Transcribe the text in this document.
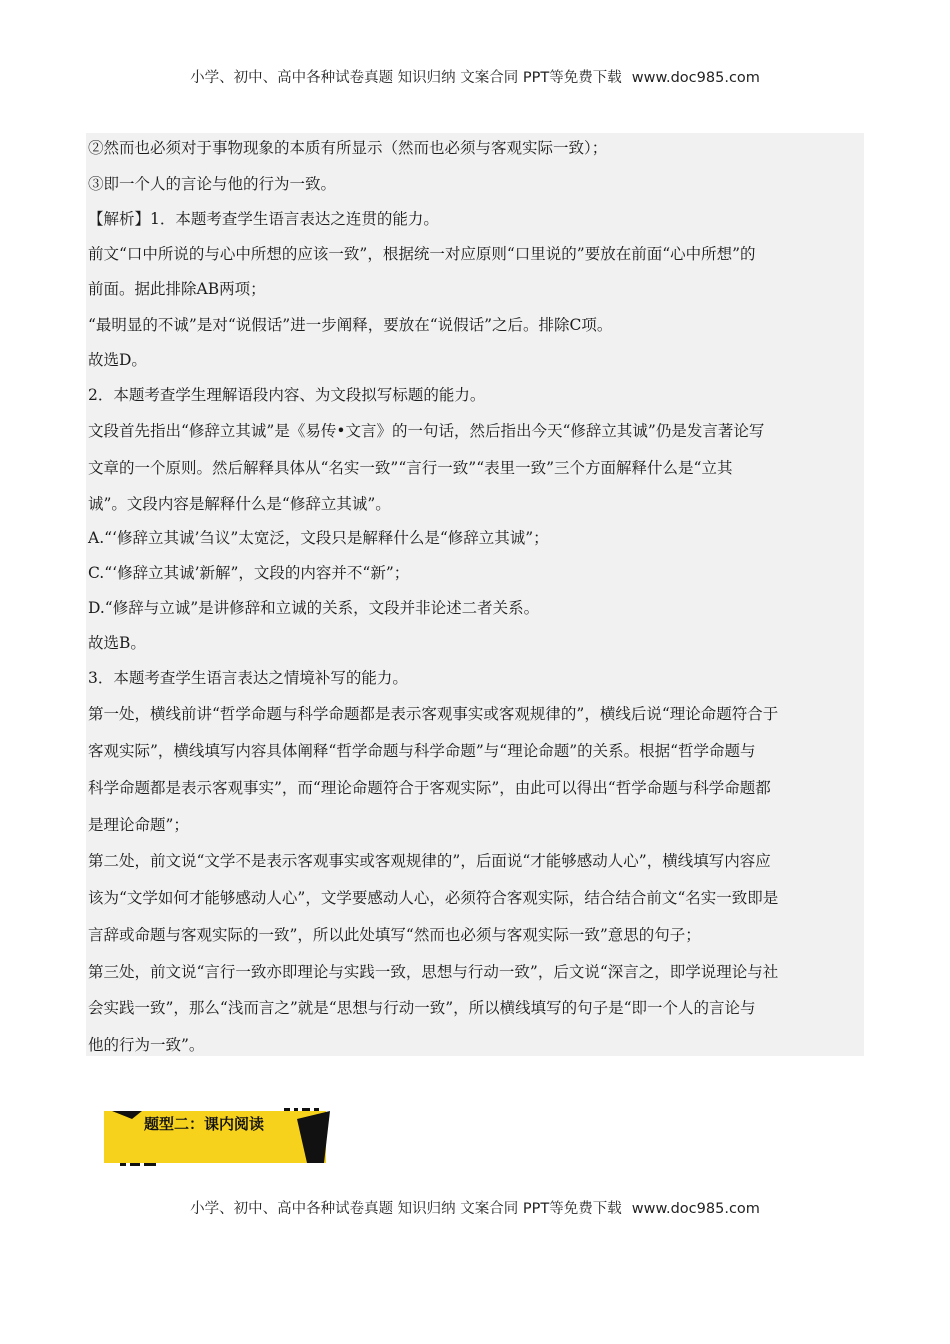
小学、初中、高中各种试卷真题 知识归纳 文案合同 PPT等免费下载 www.doc985.com
②然而也必须对于事物现象的本质有所显示（然而也必须与客观实际一致）；
③即一个人的言论与他的行为一致。
【解析】1．本题考查学生语言表达之连贯的能力。
前文“口中所说的与心中所想的应该一致”，根据统一对应原则“口里说的”要放在前面“心中所想”的
前面。据此排除AB两项；
“最明显的不诚”是对“说假话”进一步阐释，要放在“说假话”之后。排除C项。
故选D。
2．本题考查学生理解语段内容、为文段拟写标题的能力。
文段首先指出“修辞立其诚”是《易传•文言》的一句话，然后指出今天“修辞立其诚”仍是发言著论写
文章的一个原则。然后解释具体从“名实一致”“言行一致”“表里一致”三个方面解释什么是“立其
诚”。文段内容是解释什么是“修辞立其诚”。
A.“‘修辞立其诚’刍议”太宽泛，文段只是解释什么是“修辞立其诚”；
C.“‘修辞立其诚’新解”，文段的内容并不“新”；
D.“修辞与立诚”是讲修辞和立诚的关系，文段并非论述二者关系。
故选B。
3．本题考查学生语言表达之情境补写的能力。
第一处，横线前讲“哲学命题与科学命题都是表示客观事实或客观规律的”，横线后说“理论命题符合于
客观实际”，横线填写内容具体阐释“哲学命题与科学命题”与“理论命题”的关系。根据“哲学命题与
科学命题都是表示客观事实”，而“理论命题符合于客观实际”，由此可以得出“哲学命题与科学命题都
是理论命题”；
第二处，前文说“文学不是表示客观事实或客观规律的”，后面说“才能够感动人心”，横线填写内容应
该为“文学如何才能够感动人心”，文学要感动人心，必须符合客观实际，结合结合前文“名实一致即是
言辞或命题与客观实际的一致”，所以此处填写“然而也必须与客观实际一致”意思的句子；
第三处，前文说“言行一致亦即理论与实践一致，思想与行动一致”，后文说“深言之，即学说理论与社
会实践一致”，那么“浅而言之”就是“思想与行动一致”，所以横线填写的句子是“即一个人的言论与
他的行为一致”。
题型二：课内阅读
小学、初中、高中各种试卷真题 知识归纳 文案合同 PPT等免费下载 www.doc985.com
